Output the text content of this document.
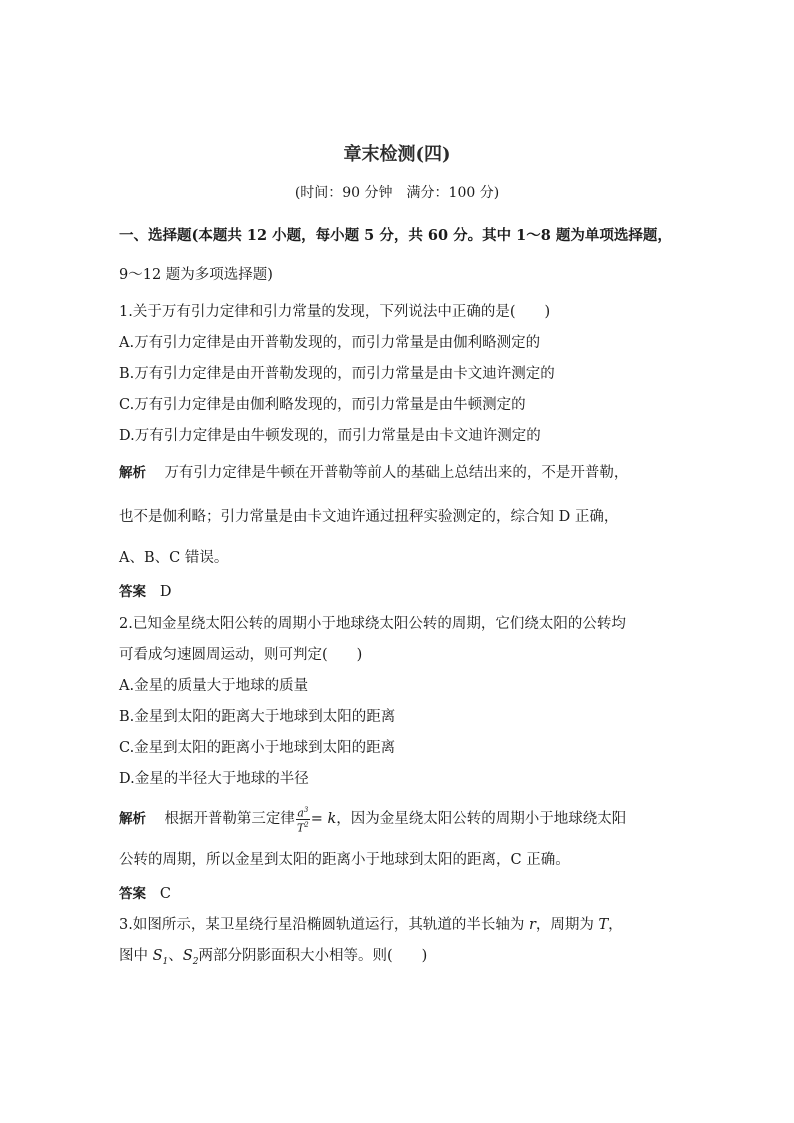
章末检测(四)
(时间：90 分钟　满分：100 分)
一、选择题(本题共 12 小题，每小题 5 分，共 60 分。其中 1～8 题为单项选择题，
9～12 题为多项选择题)
1.关于万有引力定律和引力常量的发现，下列说法中正确的是(　　)
A.万有引力定律是由开普勒发现的，而引力常量是由伽利略测定的
B.万有引力定律是由开普勒发现的，而引力常量是由卡文迪许测定的
C.万有引力定律是由伽利略发现的，而引力常量是由牛顿测定的
D.万有引力定律是由牛顿发现的，而引力常量是由卡文迪许测定的
解析 万有引力定律是牛顿在开普勒等前人的基础上总结出来的，不是开普勒，
也不是伽利略；引力常量是由卡文迪许通过扭秤实验测定的，综合知 D 正确，
A、B、C 错误。
答案 D
2.已知金星绕太阳公转的周期小于地球绕太阳公转的周期，它们绕太阳的公转均
可看成匀速圆周运动，则可判定(　　)
A.金星的质量大于地球的质量
B.金星到太阳的距离大于地球到太阳的距离
C.金星到太阳的距离小于地球到太阳的距离
D.金星的半径大于地球的半径
解析 根据开普勒第三定律 $\frac{a^3}{T^2} = k$，因为金星绕太阳公转的周期小于地球绕太阳
公转的周期，所以金星到太阳的距离小于地球到太阳的距离，C 正确。
答案 C
3.如图所示，某卫星绕行星沿椭圆轨道运行，其轨道的半长轴为 r，周期为 T，
图中 $S_1$、$S_2$两部分阴影面积大小相等。则(　　)
